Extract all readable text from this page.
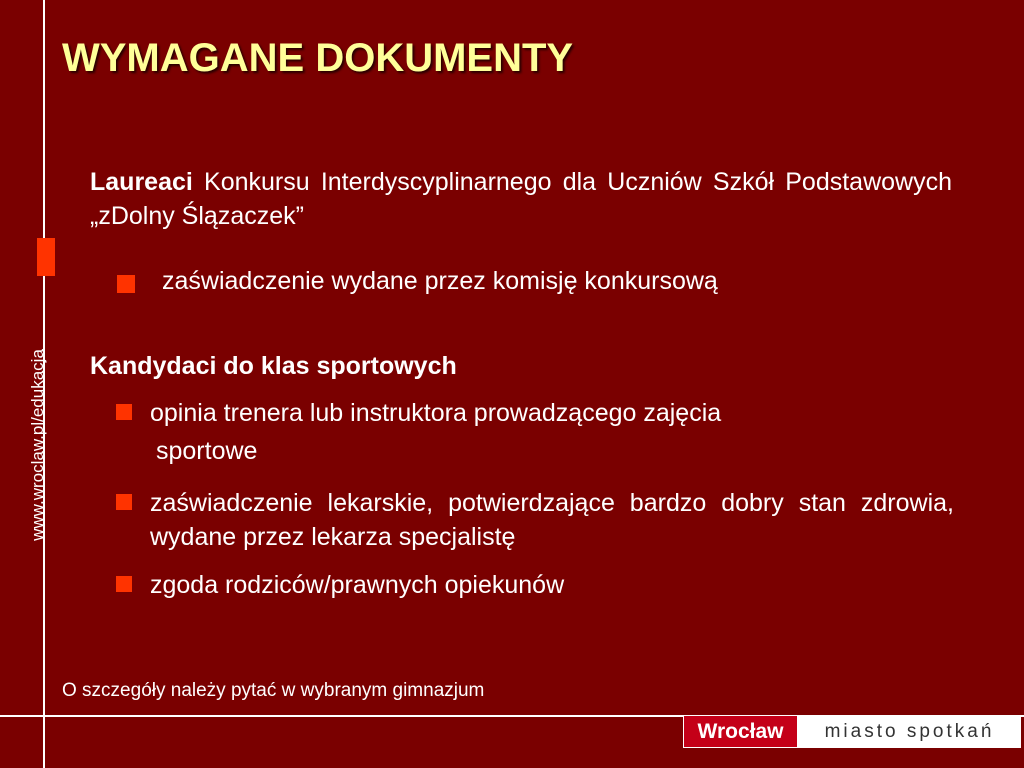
www.wroclaw.pl/edukacja
WYMAGANE DOKUMENTY
Laureaci Konkursu Interdyscyplinarnego dla Uczniów Szkół Podstawowych „zDolny Ślązaczek”
zaświadczenie wydane przez komisję konkursową
Kandydaci do klas sportowych
opinia trenera lub instruktora prowadzącego zajęcia
sportowe
zaświadczenie lekarskie, potwierdzające bardzo dobry stan zdrowia, wydane przez lekarza specjalistę
zgoda rodziców/prawnych opiekunów
O szczegóły należy pytać w wybranym gimnazjum
Wrocław	miasto spotkań
